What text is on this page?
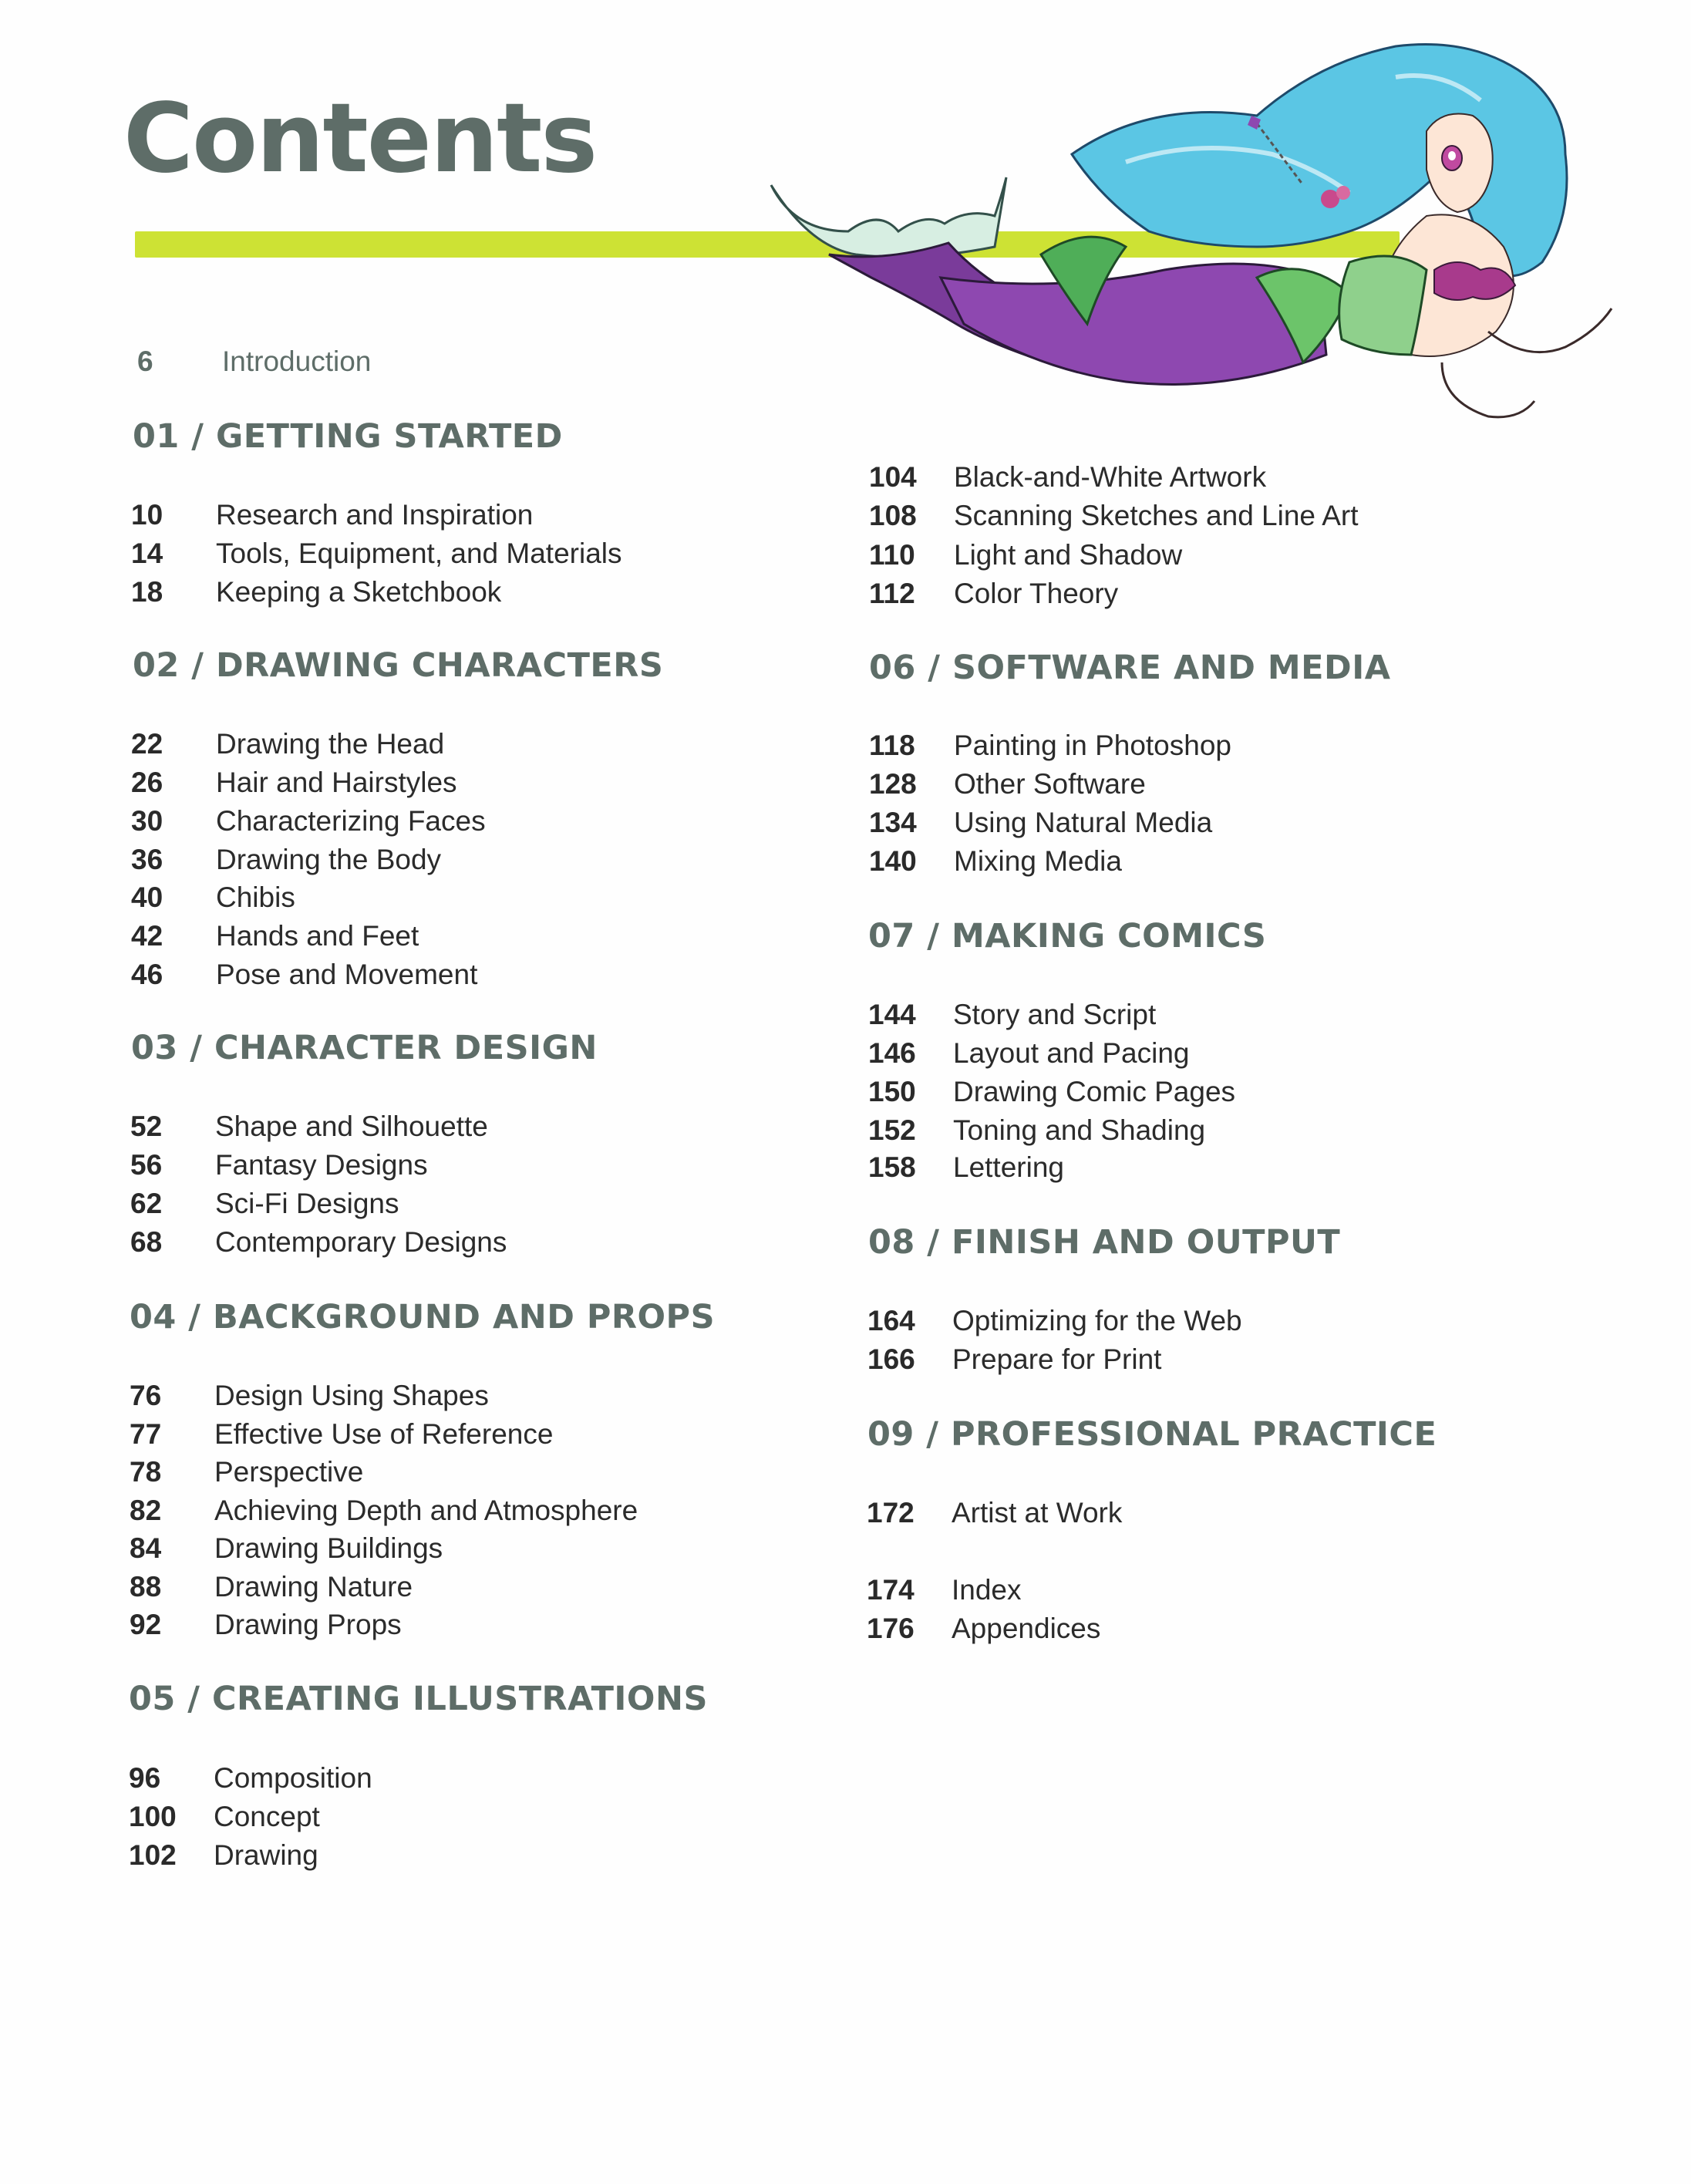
Contents
6 Introduction
01 / GETTING STARTED
10 Research and Inspiration
14 Tools, Equipment, and Materials
18 Keeping a Sketchbook
02 / DRAWING CHARACTERS
22 Drawing the Head
26 Hair and Hairstyles
30 Characterizing Faces
36 Drawing the Body
40 Chibis
42 Hands and Feet
46 Pose and Movement
03 / CHARACTER DESIGN
52 Shape and Silhouette
56 Fantasy Designs
62 Sci-Fi Designs
68 Contemporary Designs
04 / BACKGROUND AND PROPS
76 Design Using Shapes
77 Effective Use of Reference
78 Perspective
82 Achieving Depth and Atmosphere
84 Drawing Buildings
88 Drawing Nature
92 Drawing Props
05 / CREATING ILLUSTRATIONS
96 Composition
100 Concept
102 Drawing
104 Black-and-White Artwork
108 Scanning Sketches and Line Art
110 Light and Shadow
112 Color Theory
06 / SOFTWARE AND MEDIA
118 Painting in Photoshop
128 Other Software
134 Using Natural Media
140 Mixing Media
07 / MAKING COMICS
144 Story and Script
146 Layout and Pacing
150 Drawing Comic Pages
152 Toning and Shading
158 Lettering
08 / FINISH AND OUTPUT
164 Optimizing for the Web
166 Prepare for Print
09 / PROFESSIONAL PRACTICE
172 Artist at Work
174 Index
176 Appendices
